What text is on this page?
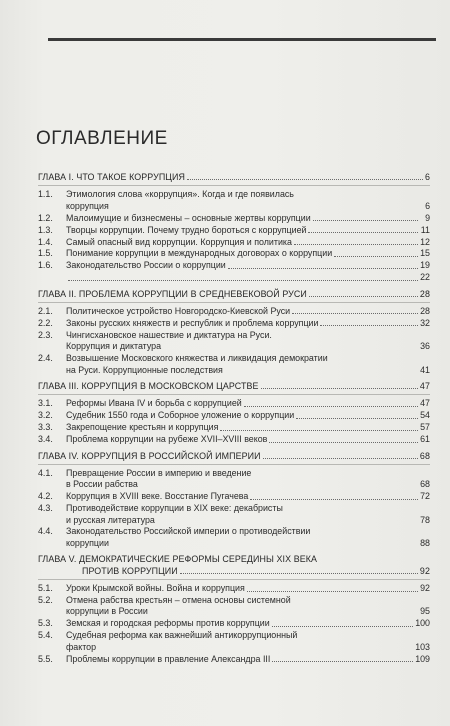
ОГЛАВЛЕНИЕ
ГЛАВА I. ЧТО ТАКОЕ КОРРУПЦИЯ	6
1.1.	Этимология слова «коррупция». Когда и где появилась
коррупция	6
1.2.	Малоимущие и бизнесмены – основные жертвы коррупции	9
1.3.	Творцы коррупции. Почему трудно бороться с коррупцией	11
1.4.	Самый опасный вид коррупции. Коррупция и политика	12
1.5.	Понимание коррупции в международных договорах о коррупции	15
1.6.	Законодательство России о коррупции	19
22
ГЛАВА II. ПРОБЛЕМА КОРРУПЦИИ В СРЕДНЕВЕКОВОЙ РУСИ	28
2.1.	Политическое устройство Новгородско-Киевской Руси	28
2.2.	Законы русских княжеств и республик и проблема коррупции	32
2.3.	Чингисхановское нашествие и диктатура на Руси.
Коррупция и диктатура	36
2.4.	Возвышение Московского княжества и ликвидация демократии
на Руси. Коррупционные последствия	41
ГЛАВА III. КОРРУПЦИЯ В МОСКОВСКОМ ЦАРСТВЕ	47
3.1.	Реформы Ивана IV и борьба с коррупцией	47
3.2.	Судебник 1550 года и Соборное уложение о коррупции	54
3.3.	Закрепощение крестьян и коррупция	57
3.4.	Проблема коррупции на рубеже XVII–XVIII веков	61
ГЛАВА IV. КОРРУПЦИЯ В РОССИЙСКОЙ ИМПЕРИИ	68
4.1.	Превращение России в империю и введение
в России рабства	68
4.2.	Коррупция в XVIII веке. Восстание Пугачева	72
4.3.	Противодействие коррупции в XIX веке: декабристы
и русская литература	78
4.4.	Законодательство Российской империи о противодействии
коррупции	88
ГЛАВА V. ДЕМОКРАТИЧЕСКИЕ РЕФОРМЫ СЕРЕДИНЫ XIX ВЕКА
ПРОТИВ КОРРУПЦИИ	92
5.1.	Уроки Крымской войны. Война и коррупция	92
5.2.	Отмена рабства крестьян – отмена основы системной
коррупции в России	95
5.3.	Земская и городская реформы против коррупции	100
5.4.	Судебная реформа как важнейший антикоррупционный
фактор	103
5.5.	Проблемы коррупции в правление Александра III	109
